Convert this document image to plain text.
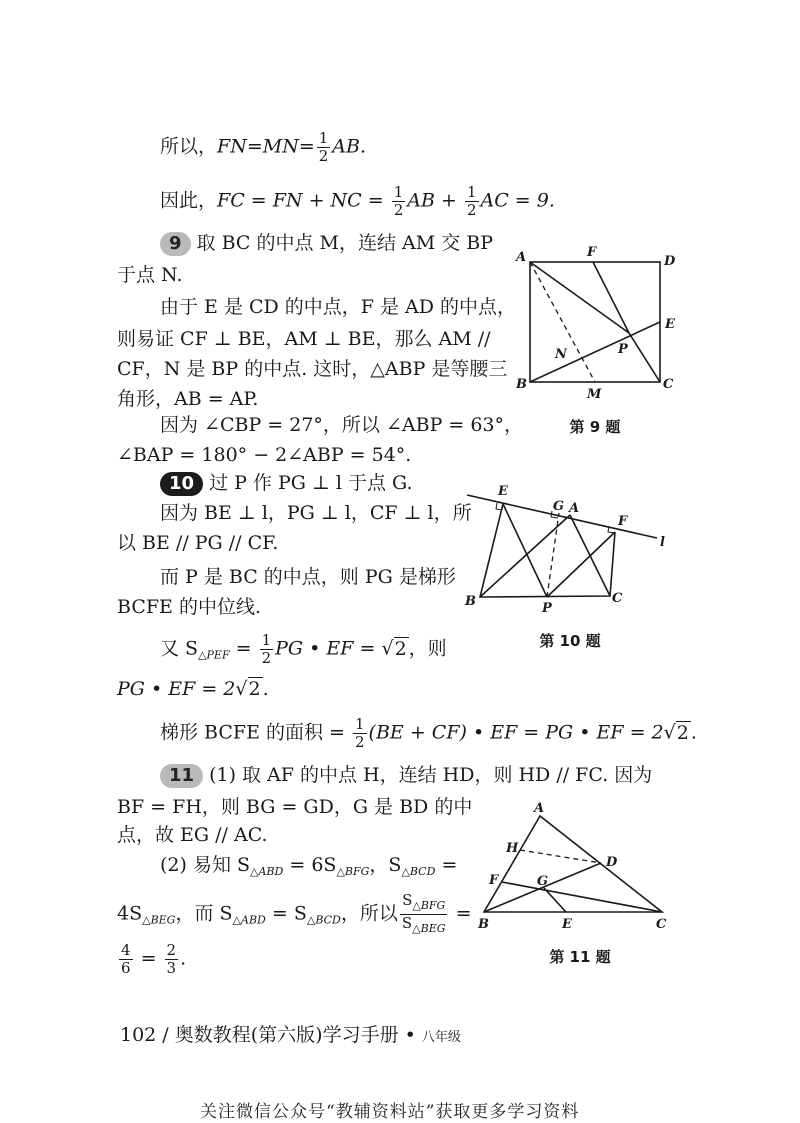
所以，$FN=MN= \frac{1}{2}$ AB.
因此，FC = FN + NC = $\frac{1}{2}$ AB + $\frac{1}{2}$ AC = 9.
9 取 BC 的中点 M，连结 AM 交 BP
于点 N.
由于 E 是 CD 的中点，F 是 AD 的中点，
则易证 CF ⊥ BE，AM ⊥ BE，那么 AM //
CF，N 是 BP 的中点. 这时，△ABP 是等腰三
角形，AB = AP.
因为 ∠CBP = 27°，所以 ∠ABP = 63°，
∠BAP = 180° − 2∠ABP = 54°.
A	F
D
E
N	P
B
M
C
第 9 题
10 过 P 作 PG ⊥ l 于点 G.
因为 BE ⊥ l，PG ⊥ l，CF ⊥ l，所
以 BE // PG // CF.
而 P 是 BC 的中点，则 PG 是梯形
BCFE 的中位线.
又 $S_{\triangle PEF} = \frac{1}{2}$ PG • EF = √2 ，则
PG • EF = 2√2 .
梯形 BCFE 的面积 = $\frac{1}{2} (BE + CF)$ • EF = PG • EF = 2√2 .
E
G A
F
l
B	P
C
第 10 题
11 (1) 取 AF 的中点 H，连结 HD，则 HD // FC. 因为
BF = FH，则 BG = GD，G 是 BD 的中
点，故 EG // AC.
(2) 易知 $S_{\triangle ABD} = 6S_{\triangle BFG}$，$S_{\triangle BCD}$ =
$4S_{\triangle BEG}$，而 $S_{\triangle ABD} = S_{\triangle BCD}$，所以 $\frac{S_{\triangle BFG}}{S_{\triangle BEG}}$ =
$\frac{4}{6} = \frac{2}{3}$ .
A
H
D
F	G
B	E	C
第 11 题
102 / 奥数教程(第六版)学习手册 • 八年级
关注微信公众号“教辅资料站”获取更多学习资料
